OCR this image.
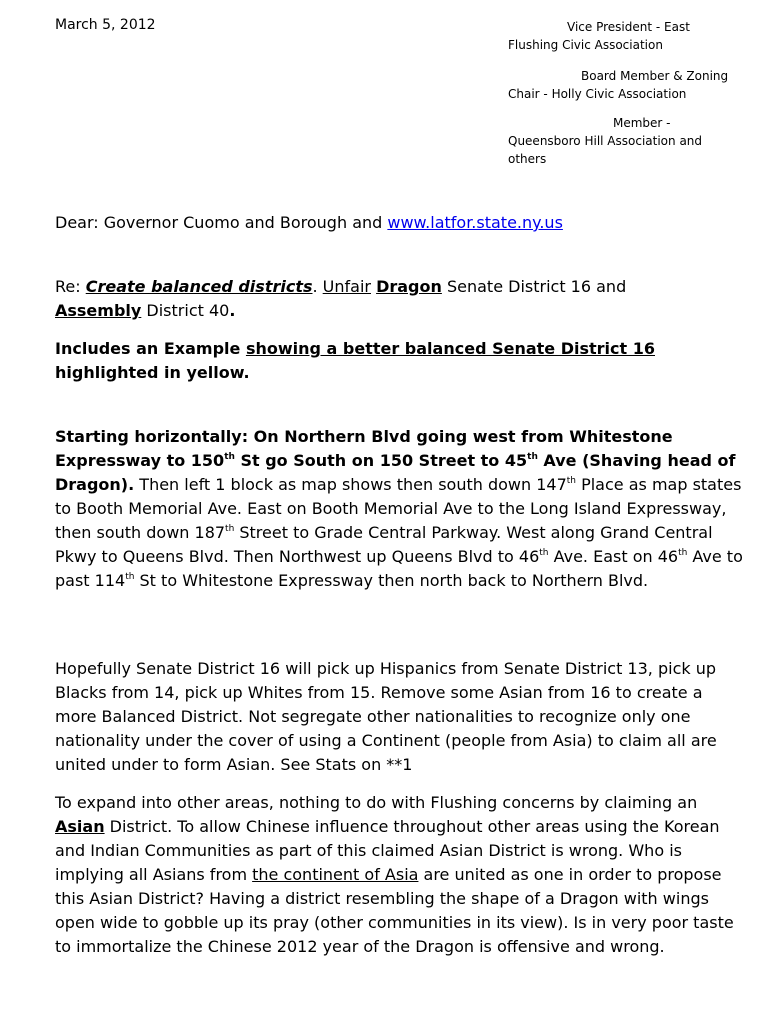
March 5, 2012	Vice President - East
Flushing Civic Association
Board Member & Zoning
Chair - Holly Civic Association
Member -
Queensboro Hill Association and
others
Dear: Governor Cuomo and Borough and www.latfor.state.ny.us
Re: Create balanced districts. Unfair Dragon Senate District 16 and
Assembly District 40.
Includes an Example showing a better balanced Senate District 16
highlighted in yellow.
Starting horizontally: On Northern Blvd going west from Whitestone Expressway to 150th St go South on 150 Street to 45th Ave (Shaving head of Dragon). Then left 1 block as map shows then south down 147th Place as map states to Booth Memorial Ave. East on Booth Memorial Ave to the Long Island Expressway, then south down 187th Street to Grade Central Parkway. West along Grand Central Pkwy to Queens Blvd. Then Northwest up Queens Blvd to 46th Ave. East on 46th Ave to past 114th St to Whitestone Expressway then north back to Northern Blvd.
Hopefully Senate District 16 will pick up Hispanics from Senate District 13, pick up Blacks from 14, pick up Whites from 15. Remove some Asian from 16 to create a more Balanced District. Not segregate other nationalities to recognize only one nationality under the cover of using a Continent (people from Asia) to claim all are united under to form Asian. See Stats on **1
To expand into other areas, nothing to do with Flushing concerns by claiming an Asian District. To allow Chinese influence throughout other areas using the Korean and Indian Communities as part of this claimed Asian District is wrong. Who is implying all Asians from the continent of Asia are united as one in order to propose this Asian District? Having a district resembling the shape of a Dragon with wings open wide to gobble up its pray (other communities in its view). Is in very poor taste to immortalize the Chinese 2012 year of the Dragon is offensive and wrong.
